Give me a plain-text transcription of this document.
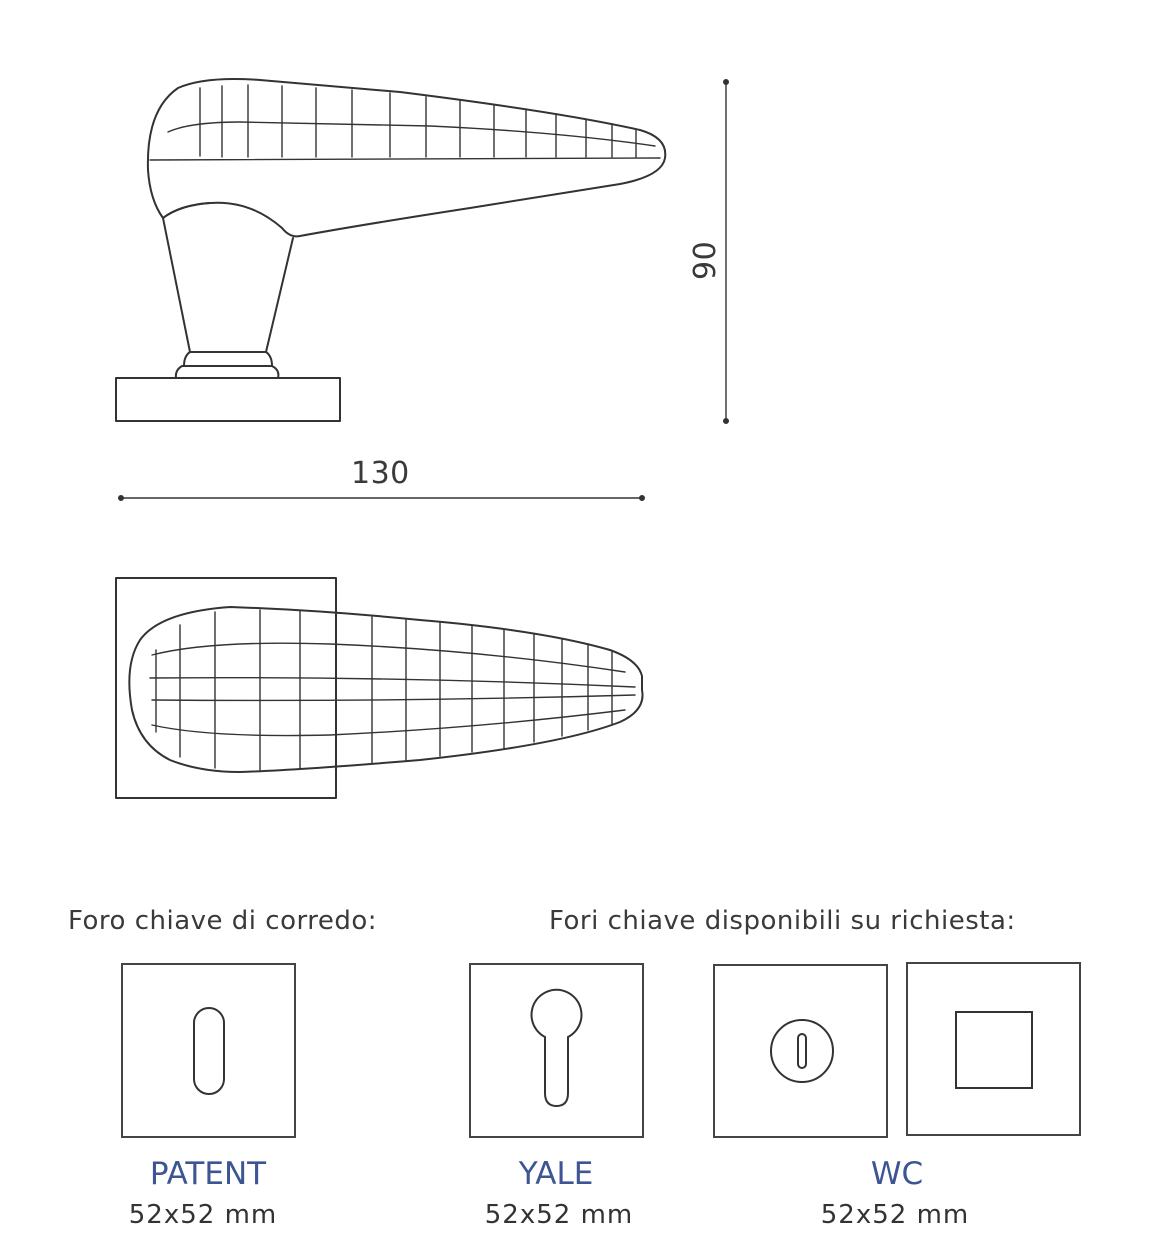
90
130
Foro chiave di corredo:	Fori chiave disponibili su richiesta:
PATENT
52x52 mm
YALE
52x52 mm
WC
52x52 mm
